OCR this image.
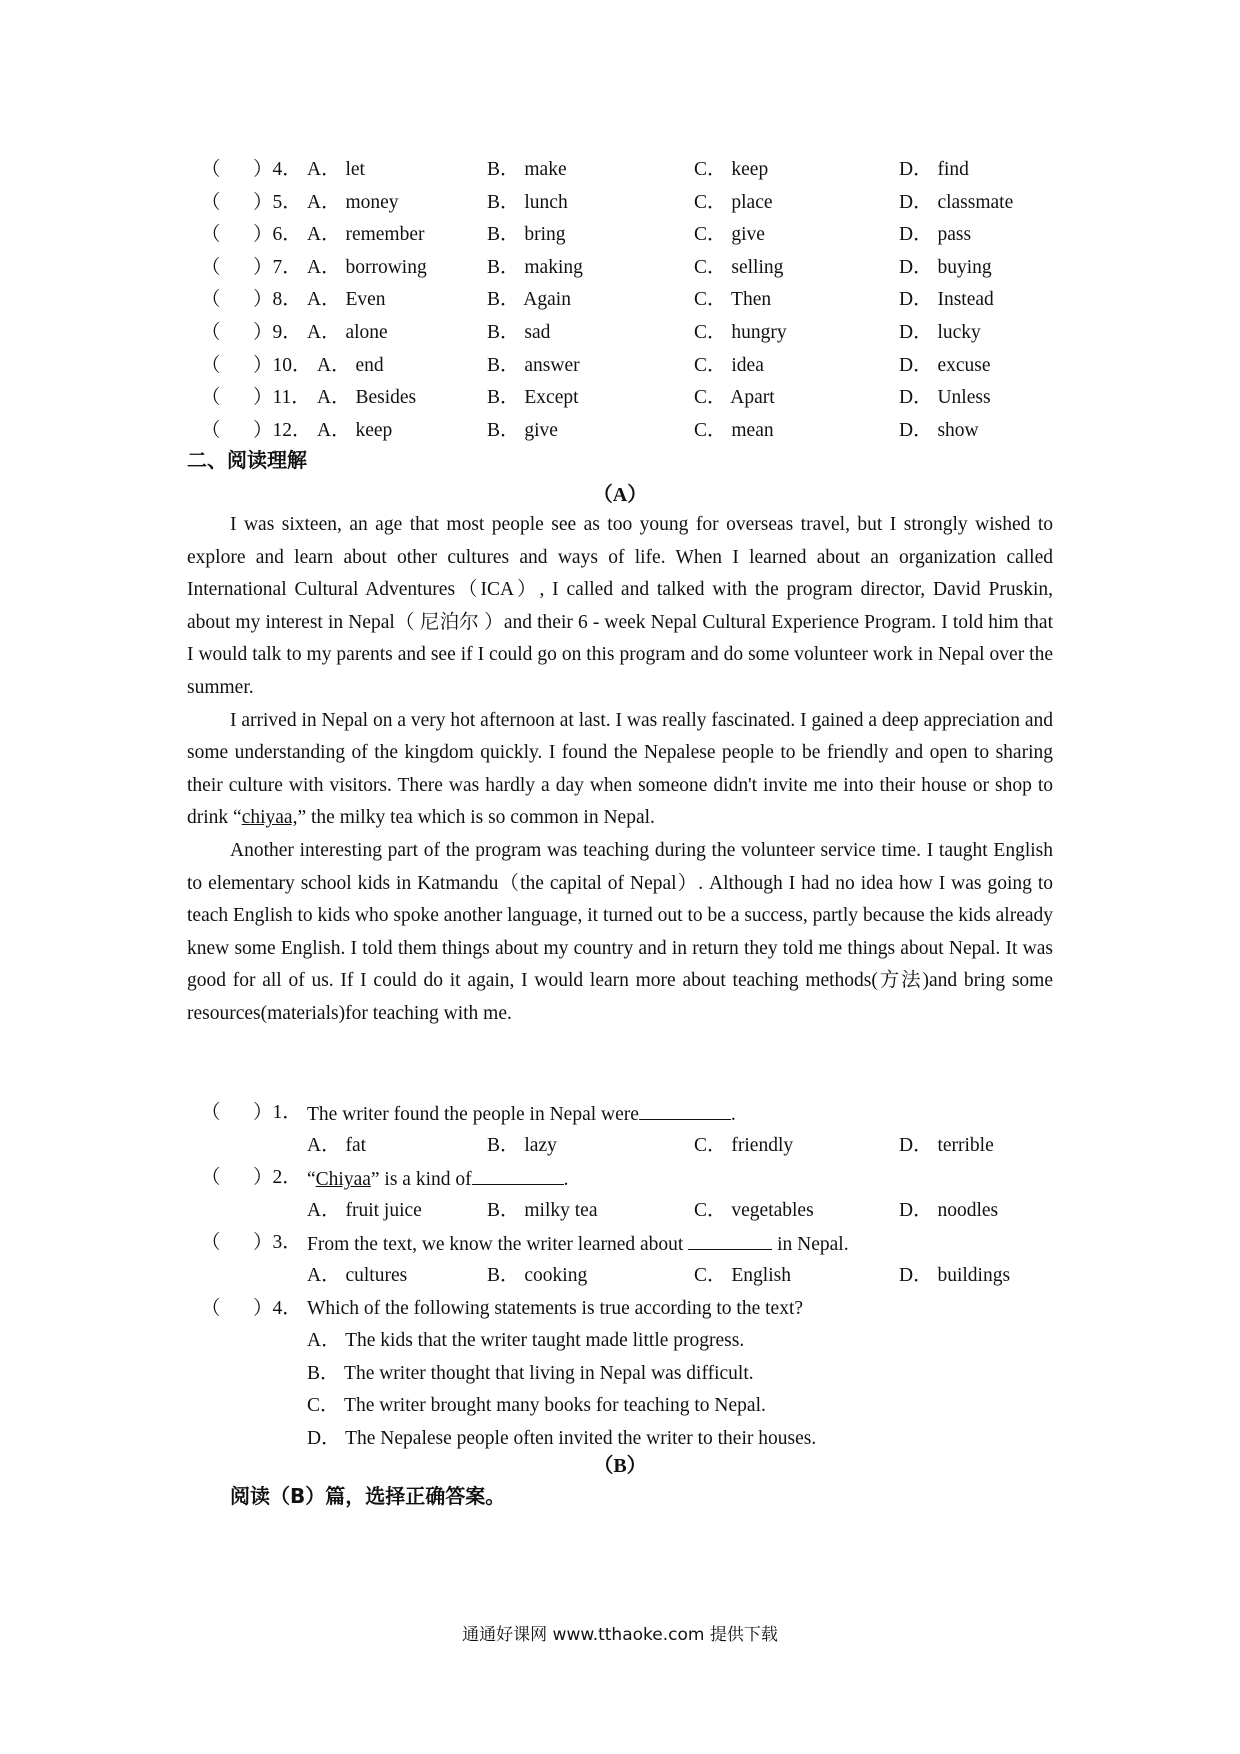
（ ）4． A． let	B． make	C． keep	D． find
（ ）5． A． money	B． lunch	C． place	D． classmate
（ ）6． A． remember	B． bring	C． give	D． pass
（ ）7． A． borrowing	B． making	C． selling	D． buying
（ ）8． A． Even	B． Again	C． Then	D． Instead
（ ）9． A． alone	B． sad	C． hungry	D． lucky
（ ）10． A． end	B． answer	C． idea	D． excuse
（ ）11． A． Besides	B． Except	C． Apart	D． Unless
（ ）12． A． keep	B． give	C． mean	D． show
二、阅读理解
（A）

I was sixteen, an age that most people see as too young for overseas travel, but I strongly wished to explore and learn about other cultures and ways of life. When I learned about an organization called International Cultural Adventures（ICA）, I called and talked with the program director, David Pruskin, about my interest in Nepal（ 尼泊尔 ）and their 6 - week Nepal Cultural Experience Program. I told him that I would talk to my parents and see if I could go on this program and do some volunteer work in Nepal over the summer.

I arrived in Nepal on a very hot afternoon at last. I was really fascinated. I gained a deep appreciation and some understanding of the kingdom quickly. I found the Nepalese people to be friendly and open to sharing their culture with visitors. There was hardly a day when someone didn't invite me into their house or shop to drink “chiyaa,” the milky tea which is so common in Nepal.

Another interesting part of the program was teaching during the volunteer service time. I taught English to elementary school kids in Katmandu（the capital of Nepal）. Although I had no idea how I was going to teach English to kids who spoke another language, it turned out to be a success, partly because the kids already knew some English. I told them things about my country and in return they told me things about Nepal. It was good for all of us. If I could do it again, I would learn more about teaching methods(方法)and bring some resources(materials)for teaching with me.

（ ）1． The writer found the people in Nepal were	.
A． fat	B． lazy	C． friendly	D． terrible
（ ）2． “Chiyaa” is a kind of	.
A． fruit juice	B． milky tea	C． vegetables	D． noodles
（ ）3． From the text, we know the writer learned about	in Nepal.
A． cultures	B． cooking	C． English	D． buildings
（ ）4． Which of the following statements is true according to the text?
A． The kids that the writer taught made little progress.
B． The writer thought that living in Nepal was difficult.
C． The writer brought many books for teaching to Nepal.
D． The Nepalese people often invited the writer to their houses.
（B）
阅读（B）篇，选择正确答案。
通通好课网 www.tthaoke.com 提供下载
